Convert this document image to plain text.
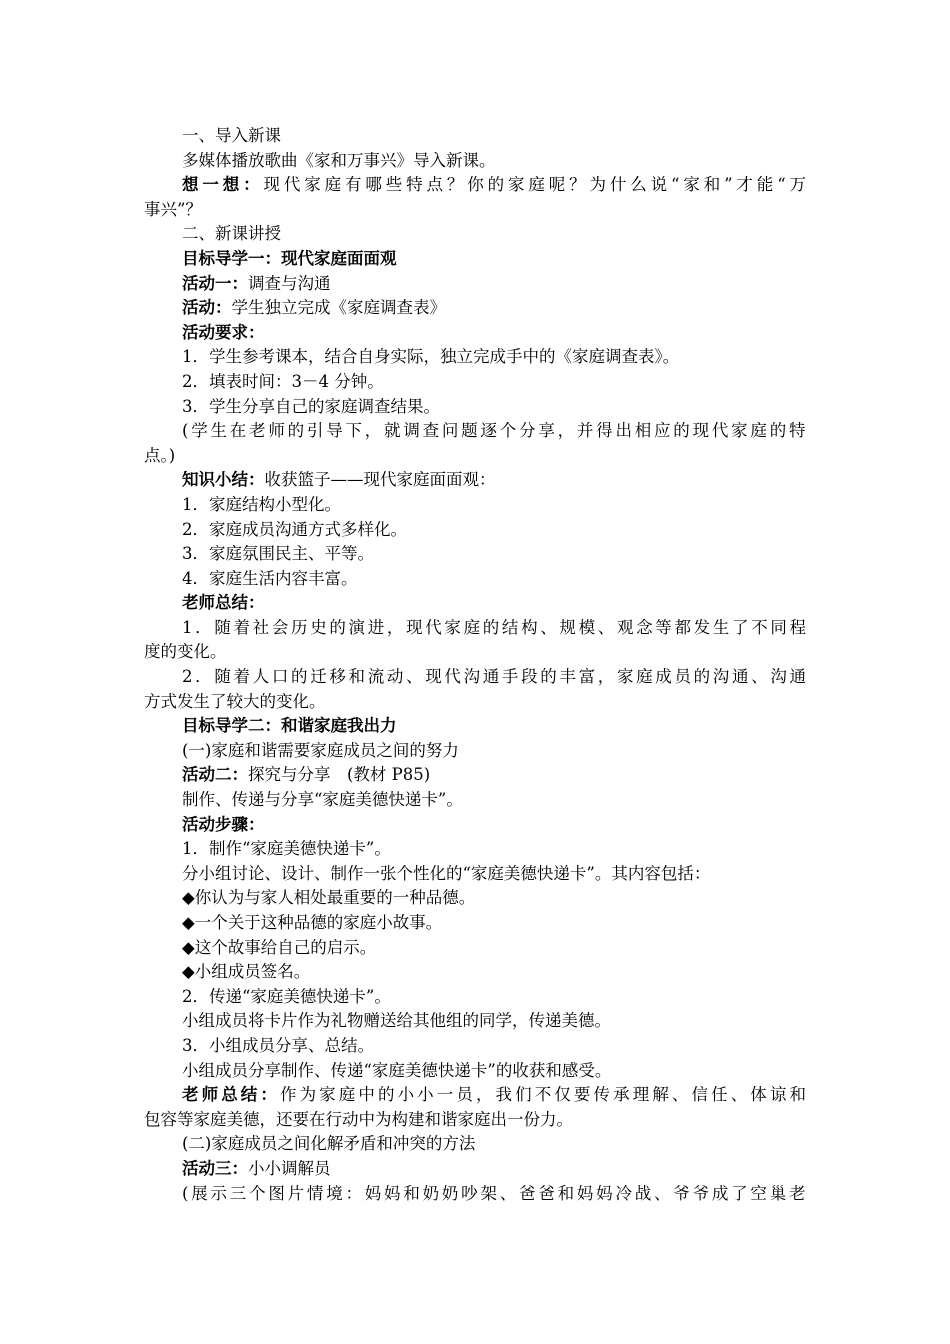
一、导入新课
多媒体播放歌曲《家和万事兴》导入新课。
想一想：现代家庭有哪些特点？你的家庭呢？为什么说“家和”才能“万
事兴”？
二、新课讲授
目标导学一：现代家庭面面观
活动一：调查与沟通
活动：学生独立完成《家庭调查表》
活动要求：
1．学生参考课本，结合自身实际，独立完成手中的《家庭调查表》。
2．填表时间：3－4 分钟。
3．学生分享自己的家庭调查结果。
(学生在老师的引导下，就调查问题逐个分享，并得出相应的现代家庭的特
点。)
知识小结：收获篮子——现代家庭面面观：
1．家庭结构小型化。
2．家庭成员沟通方式多样化。
3．家庭氛围民主、平等。
4．家庭生活内容丰富。
老师总结：
1．随着社会历史的演进，现代家庭的结构、规模、观念等都发生了不同程
度的变化。
2．随着人口的迁移和流动、现代沟通手段的丰富，家庭成员的沟通、沟通
方式发生了较大的变化。
目标导学二：和谐家庭我出力
(一)家庭和谐需要家庭成员之间的努力
活动二：探究与分享　(教材 P85)
制作、传递与分享“家庭美德快递卡”。
活动步骤：
1．制作“家庭美德快递卡”。
分小组讨论、设计、制作一张个性化的“家庭美德快递卡”。其内容包括：
◆你认为与家人相处最重要的一种品德。
◆一个关于这种品德的家庭小故事。
◆这个故事给自己的启示。
◆小组成员签名。
2．传递“家庭美德快递卡”。
小组成员将卡片作为礼物赠送给其他组的同学，传递美德。
3．小组成员分享、总结。
小组成员分享制作、传递“家庭美德快递卡”的收获和感受。
老师总结：作为家庭中的小小一员，我们不仅要传承理解、信任、体谅和
包容等家庭美德，还要在行动中为构建和谐家庭出一份力。
(二)家庭成员之间化解矛盾和冲突的方法
活动三：小小调解员
(展示三个图片情境：妈妈和奶奶吵架、爸爸和妈妈冷战、爷爷成了空巢老
